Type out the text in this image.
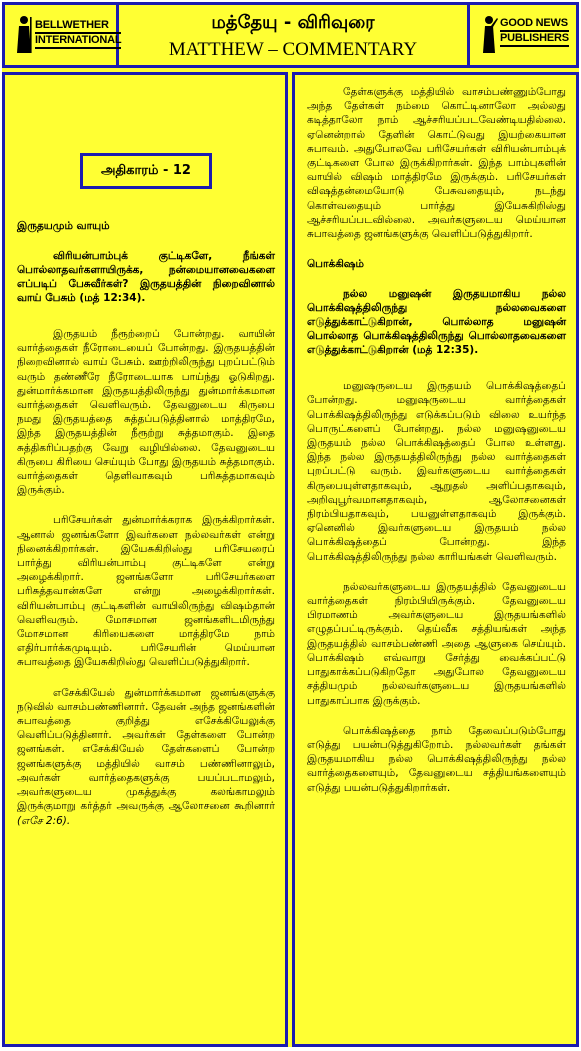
BELLWETHER
INTERNATIONAL
மத்தேயு - விரிவுரை
MATTHEW – COMMENTARY
GOOD NEWS
PUBLISHERS
அதிகாரம் - 12
இருதயமும் வாயும்
விரியன்பாம்புக் குட்டிகளே, நீங்கள் பொல்லாதவர்களாயிருக்க, நன்மையானவைகளை எப்படிப் பேசுவீர்கள்? இருதயத்தின் நிறைவினால் வாய் பேசும் (மத் 12:34).

இருதயம் நீரூற்றைப் போன்றது. வாயின் வார்த்தைகள் நீரோடையைப் போன்றது. இருதயத்தின் நிறைவினால் வாய் பேசும். ஊற்றிலிருந்து புறப்பட்டும் வரும் தண்ணீரே நீரோடையாக பாய்ந்து ஓடுகிறது. துன்மார்க்கமான இருதயத்திலிருந்து துன்மார்க்கமான வார்த்தைகள் வெளிவரும். தேவனுடைய கிருபை நமது இருதயத்தை சுத்தப்படுத்தினால் மாத்திரமே, இந்த இருதயத்தின் நீரூற்று சுத்தமாகும். இதை சுத்திகரிப்பதற்கு வேறு வழியில்லை. தேவனுடைய கிருபை கிரியை செய்யும் போது இருதயம் சுத்தமாகும். வார்த்தைகள் தெளிவாகவும் பரிசுத்தமாகவும் இருக்கும்.

பரிசேயர்கள் துன்மார்க்கராக இருக்கிறார்கள். ஆனால் ஜனங்களோ இவர்களை நல்லவர்கள் என்று நினைக்கிறார்கள். இயேசுகிறிஸ்து பரிசேயரைப் பார்த்து விரியன்பாம்பு குட்டிகளே என்று அழைக்கிறார். ஜனங்களோ பரிசேயர்களை பரிசுத்தவான்களே என்று அழைக்கிறார்கள். விரியன்பாம்பு குட்டிகளின் வாயிலிருந்து விஷம்தான் வெளிவரும். மோசமான ஜனங்களிடமிருந்து மோசமான கிரியைகளை மாத்திரமே நாம் எதிர்பார்க்கமுடியும். பரிசேயரின் மெய்யான சுபாவத்தை இயேசுகிறிஸ்து வெளிப்படுத்துகிறார்.

எசேக்கியேல் துன்மார்க்கமான ஜனங்களுக்கு நடுவில் வாசம்பண்ணினார். தேவன் அந்த ஜனங்களின் சுபாவத்தை குறித்து எசேக்கியேலுக்கு வெளிப்படுத்தினார். அவர்கள் தேள்களை போன்ற ஜனங்கள். எசேக்கியேல் தேள்களைப் போன்ற ஜனங்களுக்கு மத்தியில் வாசம் பண்ணினாலும், அவர்கள் வார்த்தைகளுக்கு பயப்படாமலும், அவர்களுடைய முகத்துக்கு கலங்காமலும் இருக்குமாறு கர்த்தர் அவருக்கு ஆலோசனை கூறினார் (எசே 2:6).

தேள்களுக்கு மத்தியில் வாசம்பண்ணும்போது அந்த தேள்கள் நம்மை கொட்டினாலோ அல்லது கடித்தாலோ நாம் ஆச்சரியப்படவேண்டியதில்லை. ஏனென்றால் தேளின் கொட்டுவது இயற்கையான சுபாவம். அதுபோலவே பரிசேயர்கள் விரியன்பாம்புக் குட்டிகளை போல இருக்கிறார்கள். இந்த பாம்புகளின் வாயில் விஷம் மாத்திரமே இருக்கும். பரிசேயர்கள் விஷத்தன்மையோடு பேசுவதையும், நடந்து கொள்வதையும் பார்த்து இயேசுகிறிஸ்து ஆச்சரியப்படவில்லை. அவர்களுடைய மெய்யான சுபாவத்தை ஜனங்களுக்கு வெளிப்படுத்துகிறார்.

பொக்கிஷம்
நல்ல மனுஷன் இருதயமாகிய நல்ல பொக்கிஷத்திலிருந்து நல்லவைகளை எடுத்துக்காட்டுகிறான், பொல்லாத மனுஷன் பொல்லாத பொக்கிஷத்திலிருந்து பொல்லாதவைகளை எடுத்துக்காட்டுகிறான் (மத் 12:35).

மனுஷருடைய இருதயம் பொக்கிஷத்தைப் போன்றது. மனுஷருடைய வார்த்தைகள் பொக்கிஷத்திலிருந்து எடுக்கப்படும் விலை உயர்ந்த பொருட்களைப் போன்றது. நல்ல மனுஷனுடைய இருதயம் நல்ல பொக்கிஷத்தைப் போல உள்ளது. இந்த நல்ல இருதயத்திலிருந்து நல்ல வார்த்தைகள் புறப்பட்டு வரும். இவர்களுடைய வார்த்தைகள் கிருபையுள்ளதாகவும், ஆறுதல் அளிப்பதாகவும், அறிவுபூர்வமானதாகவும், ஆலோசனைகள் நிரம்பியதாகவும், பயனுள்ளதாகவும் இருக்கும். ஏனெனில் இவர்களுடைய இருதயம் நல்ல பொக்கிஷத்தைப் போன்றது. இந்த பொக்கிஷத்திலிருந்து நல்ல காரியங்கள் வெளிவரும்.

நல்லவர்களுடைய இருதயத்தில் தேவனுடைய வார்த்தைகள் நிரம்பியிருக்கும். தேவனுடைய பிரமாணம் அவர்களுடைய இருதயங்களில் எழுதப்பட்டிருக்கும். தெய்வீக சத்தியங்கள் அந்த இருதயத்தில் வாசம்பண்ணி அதை ஆளுகை செய்யும். பொக்கிஷம் எவ்வாறு சேர்த்து வைக்கப்பட்டு பாதுகாக்கப்படுகிறதோ அதுபோல தேவனுடைய சத்தியமும் நல்லவர்களுடைய இருதயங்களில் பாதுகாப்பாக இருக்கும்.

பொக்கிஷத்தை நாம் தேவைப்படும்போது எடுத்து பயன்படுத்துகிறோம். நல்லவர்கள் தங்கள் இருதயமாகிய நல்ல பொக்கிஷத்திலிருந்து நல்ல வார்த்தைகளையும், தேவனுடைய சத்தியங்களையும் எடுத்து பயன்படுத்துகிறார்கள்.
